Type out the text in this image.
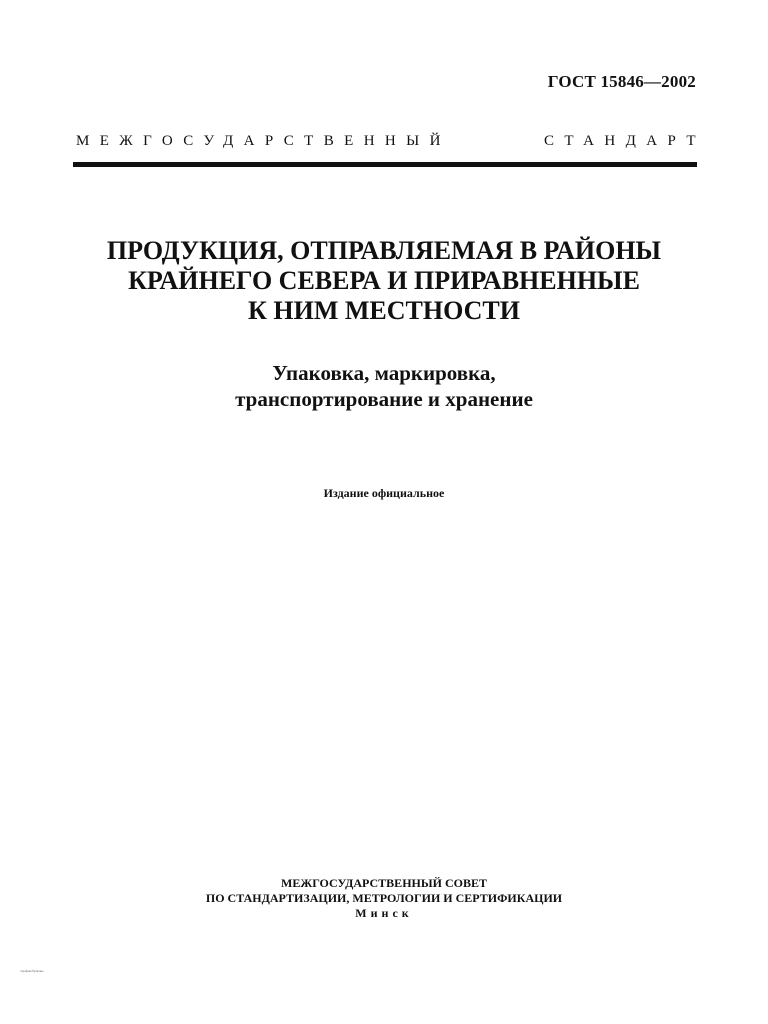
ГОСТ 15846—2002
МЕЖГОСУДАРСТВЕННЫЙ	СТАНДАРТ
ПРОДУКЦИЯ, ОТПРАВЛЯЕМАЯ В РАЙОНЫ
КРАЙНЕГО СЕВЕРА И ПРИРАВНЕННЫЕ
К НИМ МЕСТНОСТИ
Упаковка, маркировка,
транспортирование и хранение
Издание официальное
МЕЖГОСУДАРСТВЕННЫЙ СОВЕТ
ПО СТАНДАРТИЗАЦИИ, МЕТРОЛОГИИ И СЕРТИФИКАЦИИ
Минск
строфакс/булкэзно
